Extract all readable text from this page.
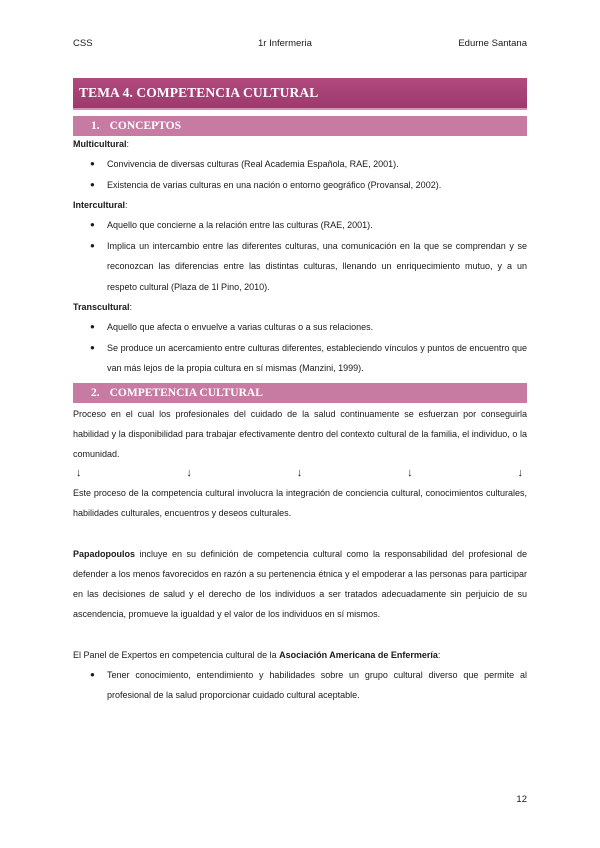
CSS	1r Infermeria	Edurne Santana
TEMA 4. COMPETENCIA CULTURAL
1. CONCEPTOS
Multicultural:
● Convivencia de diversas culturas (Real Academia Española, RAE, 2001).
● Existencia de varias culturas en una nación o entorno geográfico (Provansal, 2002).
Intercultural:
● Aquello que concierne a la relación entre las culturas (RAE, 2001).
● Implica un intercambio entre las diferentes culturas, una comunicación en la que se comprendan y se reconozcan las diferencias entre las distintas culturas, llenando un enriquecimiento mutuo, y a un respeto cultural (Plaza de 1l Pino, 2010).
Transcultural:
● Aquello que afecta o envuelve a varias culturas o a sus relaciones.
● Se produce un acercamiento entre culturas diferentes, estableciendo vínculos y puntos de encuentro que van más lejos de la propia cultura en sí mismas (Manzini, 1999).
2. COMPETENCIA CULTURAL
Proceso en el cual los profesionales del cuidado de la salud continuamente se esfuerzan por conseguirla habilidad y la disponibilidad para trabajar efectivamente dentro del contexto cultural de la familia, el individuo, o la comunidad.
↓	↓	↓	↓	↓
Este proceso de la competencia cultural involucra la integración de conciencia cultural, conocimientos culturales, habilidades culturales, encuentros y deseos culturales.
Papadopoulos incluye en su definición de competencia cultural como la responsabilidad del profesional de defender a los menos favorecidos en razón a su pertenencia étnica y el empoderar a las personas para participar en las decisiones de salud y el derecho de los individuos a ser tratados adecuadamente sin perjuicio de su ascendencia, promueve la igualdad y el valor de los individuos en sí mismos.
El Panel de Expertos en competencia cultural de la Asociación Americana de Enfermería:
● Tener conocimiento, entendimiento y habilidades sobre un grupo cultural diverso que permite al profesional de la salud proporcionar cuidado cultural aceptable.
12
